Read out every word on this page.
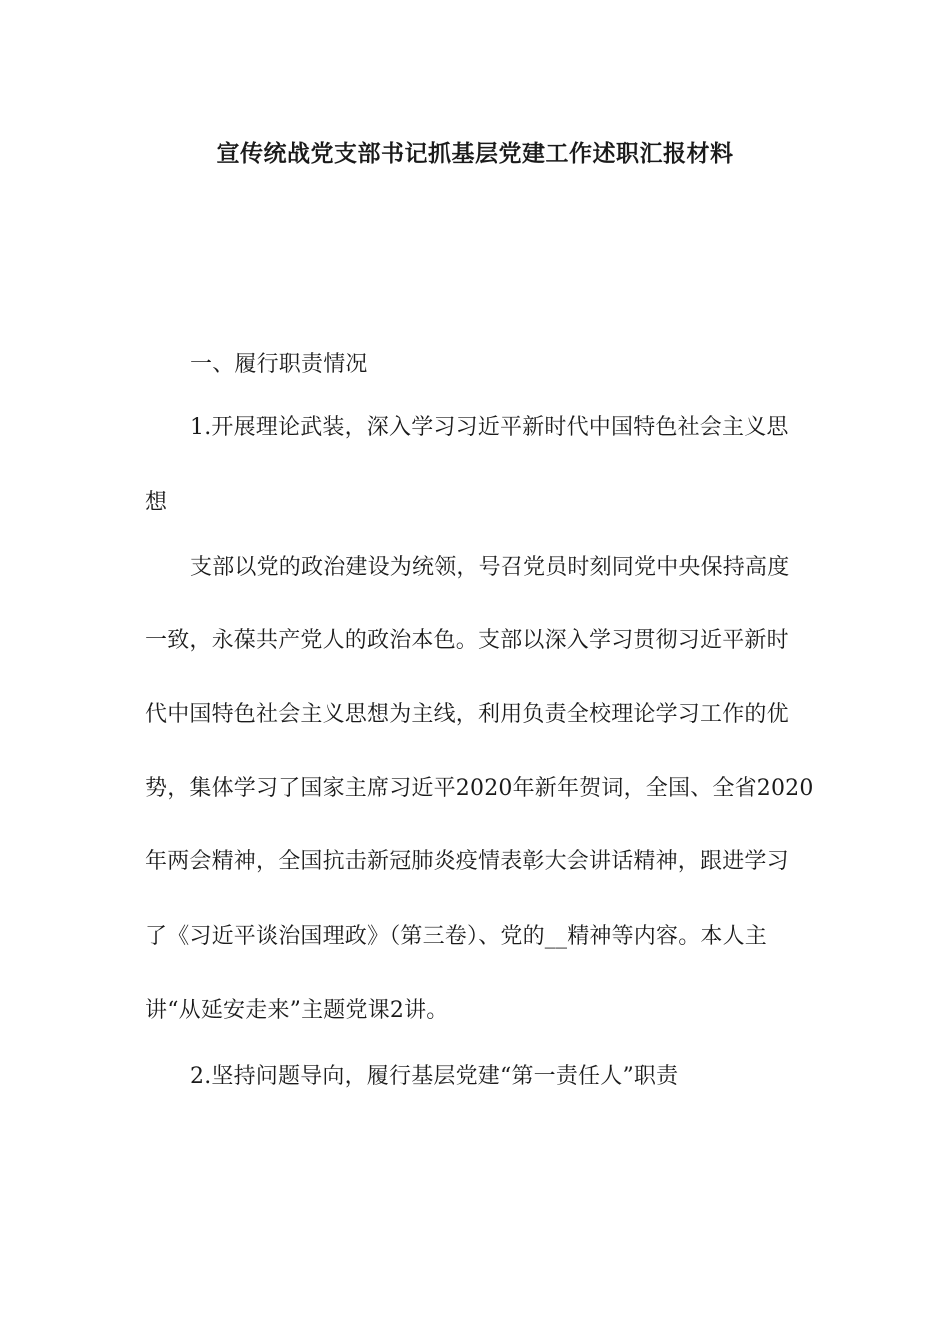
宣传统战党支部书记抓基层党建工作述职汇报材料
一、履行职责情况
1.开展理论武装，深入学习习近平新时代中国特色社会主义思
想
支部以党的政治建设为统领，号召党员时刻同党中央保持高度
一致，永葆共产党人的政治本色。支部以深入学习贯彻习近平新时
代中国特色社会主义思想为主线，利用负责全校理论学习工作的优
势，集体学习了国家主席习近平2020年新年贺词，全国、全省2020
年两会精神，全国抗击新冠肺炎疫情表彰大会讲话精神，跟进学习
了《习近平谈治国理政》（第三卷）、党的__精神等内容。本人主
讲“从延安走来”主题党课2讲。
2.坚持问题导向，履行基层党建“第一责任人”职责
